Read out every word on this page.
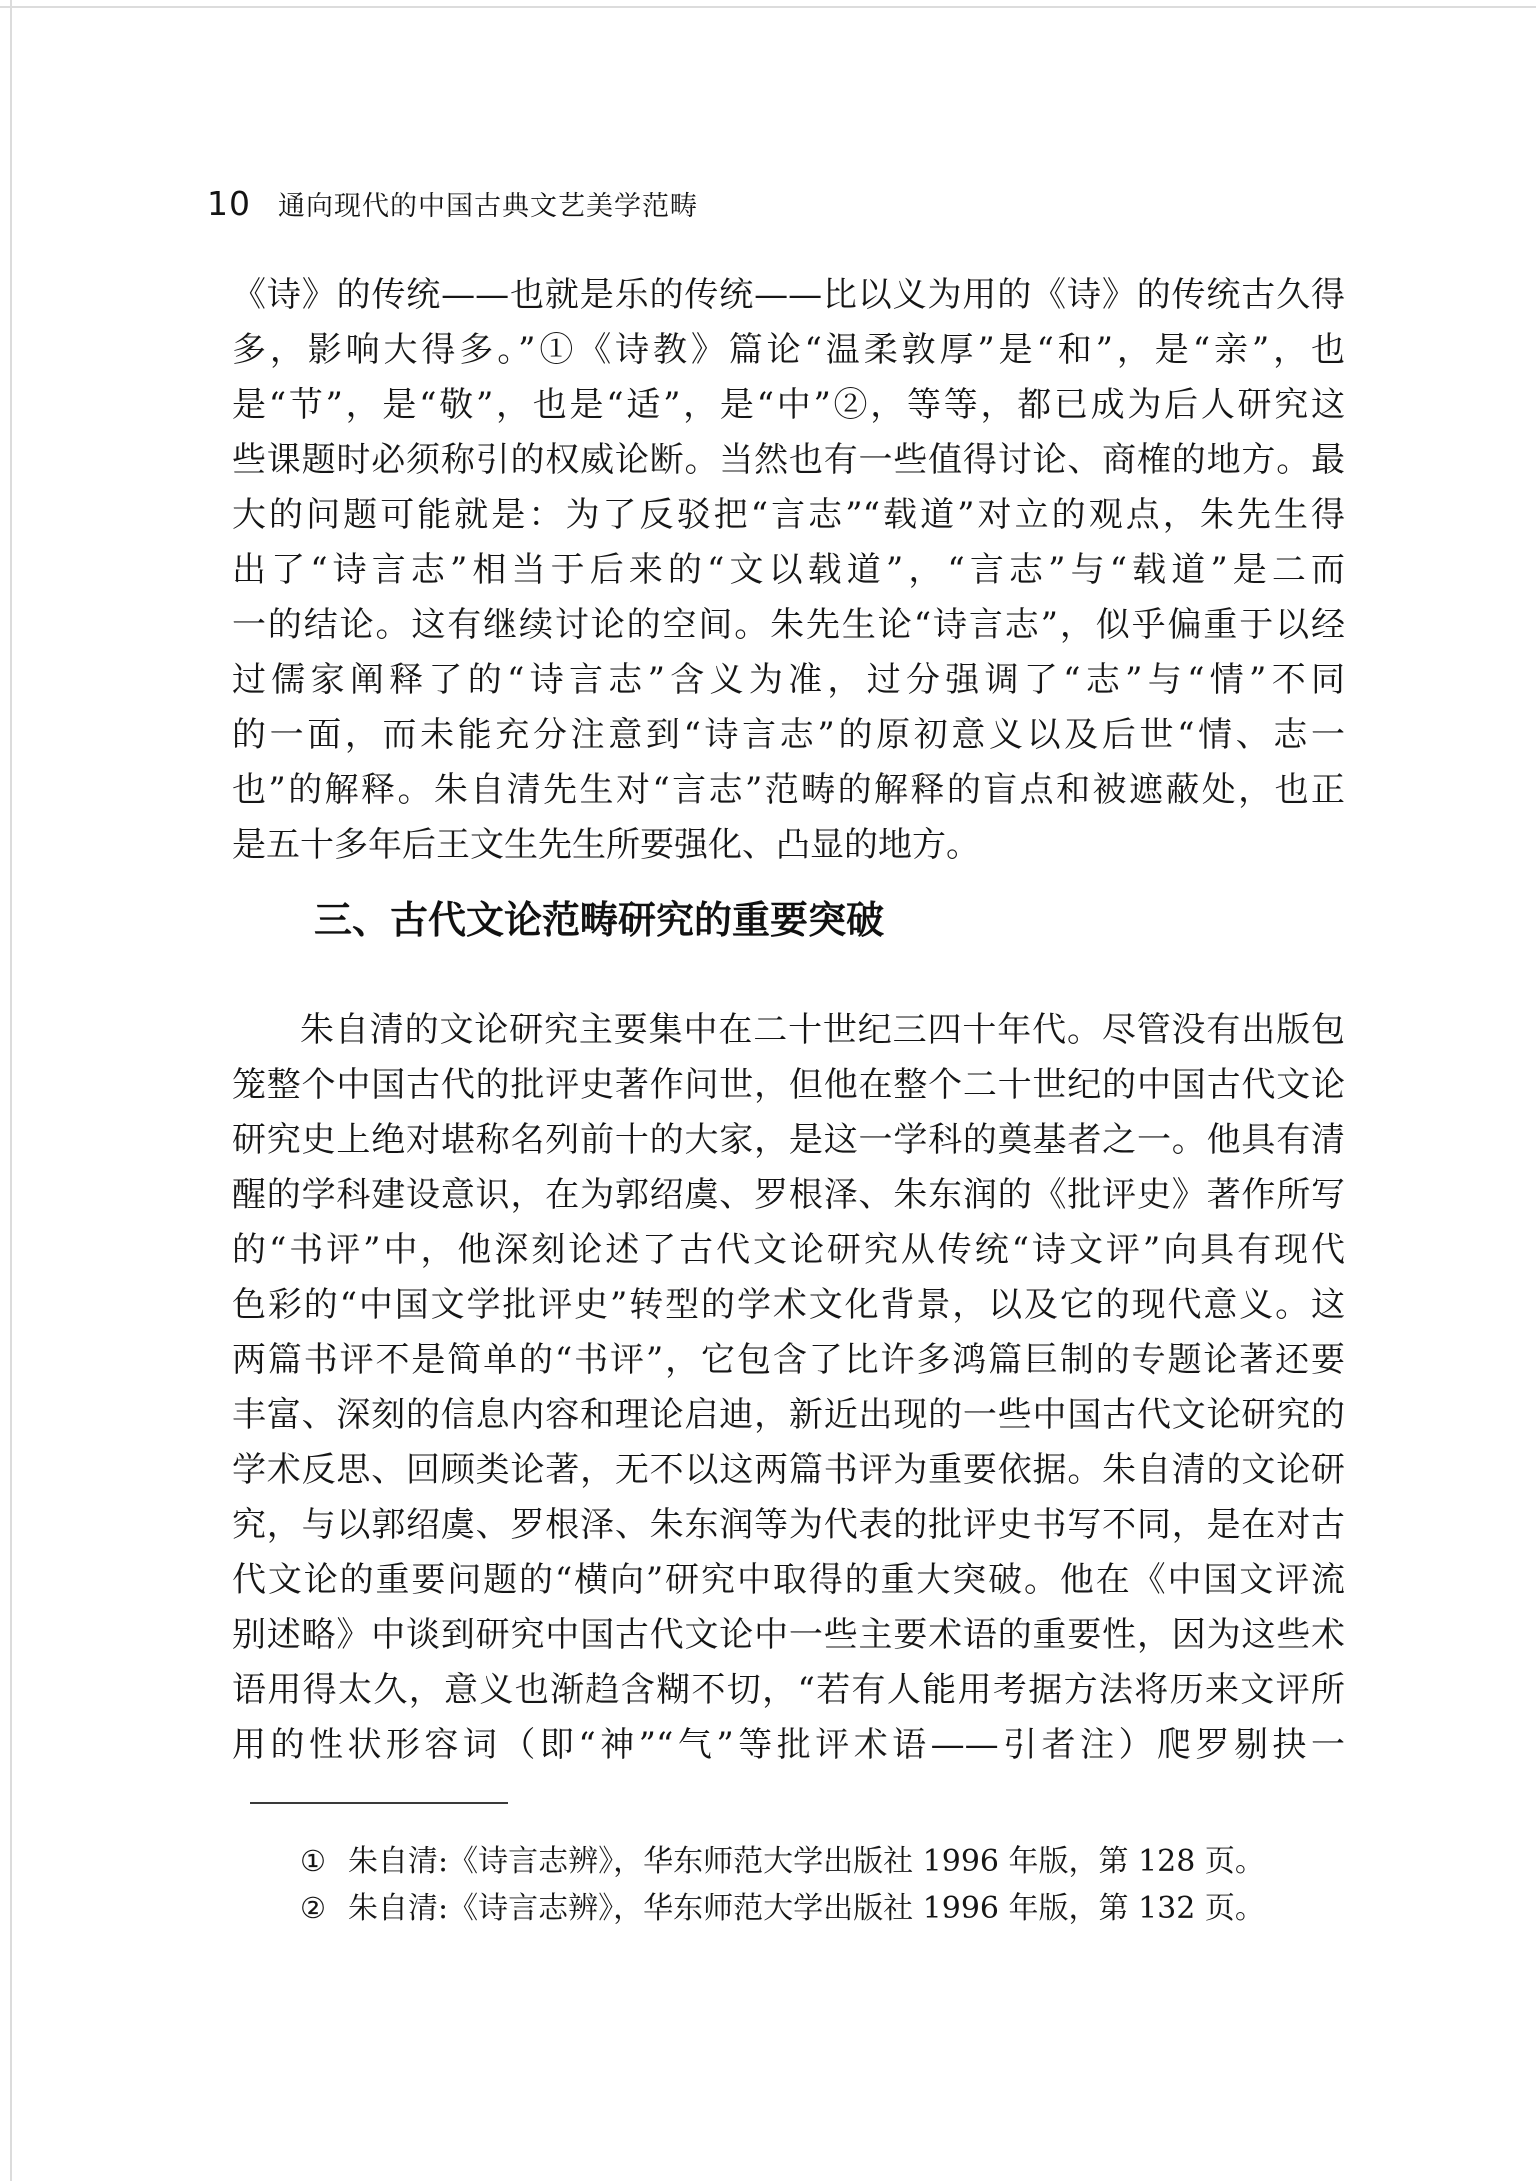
10 通向现代的中国古典文艺美学范畴
《诗》的传统——也就是乐的传统——比以义为用的《诗》的传统古久得
多，影响大得多。”①《诗教》篇论“温柔敦厚”是“和”，是“亲”，也
是“节”，是“敬”，也是“适”，是“中”②，等等，都已成为后人研究这
些课题时必须称引的权威论断。当然也有一些值得讨论、商榷的地方。最
大的问题可能就是：为了反驳把“言志”“载道”对立的观点，朱先生得
出了“诗言志”相当于后来的“文以载道”，“言志”与“载道”是二而
一的结论。这有继续讨论的空间。朱先生论“诗言志”，似乎偏重于以经
过儒家阐释了的“诗言志”含义为准，过分强调了“志”与“情”不同
的一面，而未能充分注意到“诗言志”的原初意义以及后世“情、志一
也”的解释。朱自清先生对“言志”范畴的解释的盲点和被遮蔽处，也正
是五十多年后王文生先生所要强化、凸显的地方。
三、古代文论范畴研究的重要突破
朱自清的文论研究主要集中在二十世纪三四十年代。尽管没有出版包
笼整个中国古代的批评史著作问世，但他在整个二十世纪的中国古代文论
研究史上绝对堪称名列前十的大家，是这一学科的奠基者之一。他具有清
醒的学科建设意识，在为郭绍虞、罗根泽、朱东润的《批评史》著作所写
的“书评”中，他深刻论述了古代文论研究从传统“诗文评”向具有现代
色彩的“中国文学批评史”转型的学术文化背景，以及它的现代意义。这
两篇书评不是简单的“书评”，它包含了比许多鸿篇巨制的专题论著还要
丰富、深刻的信息内容和理论启迪，新近出现的一些中国古代文论研究的
学术反思、回顾类论著，无不以这两篇书评为重要依据。朱自清的文论研
究，与以郭绍虞、罗根泽、朱东润等为代表的批评史书写不同，是在对古
代文论的重要问题的“横向”研究中取得的重大突破。他在《中国文评流
别述略》中谈到研究中国古代文论中一些主要术语的重要性，因为这些术
语用得太久，意义也渐趋含糊不切，“若有人能用考据方法将历来文评所
用的性状形容词（即“神”“气”等批评术语——引者注）爬罗剔抉一
① 朱自清:《诗言志辨》，华东师范大学出版社 1996 年版，第 128 页。
② 朱自清:《诗言志辨》，华东师范大学出版社 1996 年版，第 132 页。
